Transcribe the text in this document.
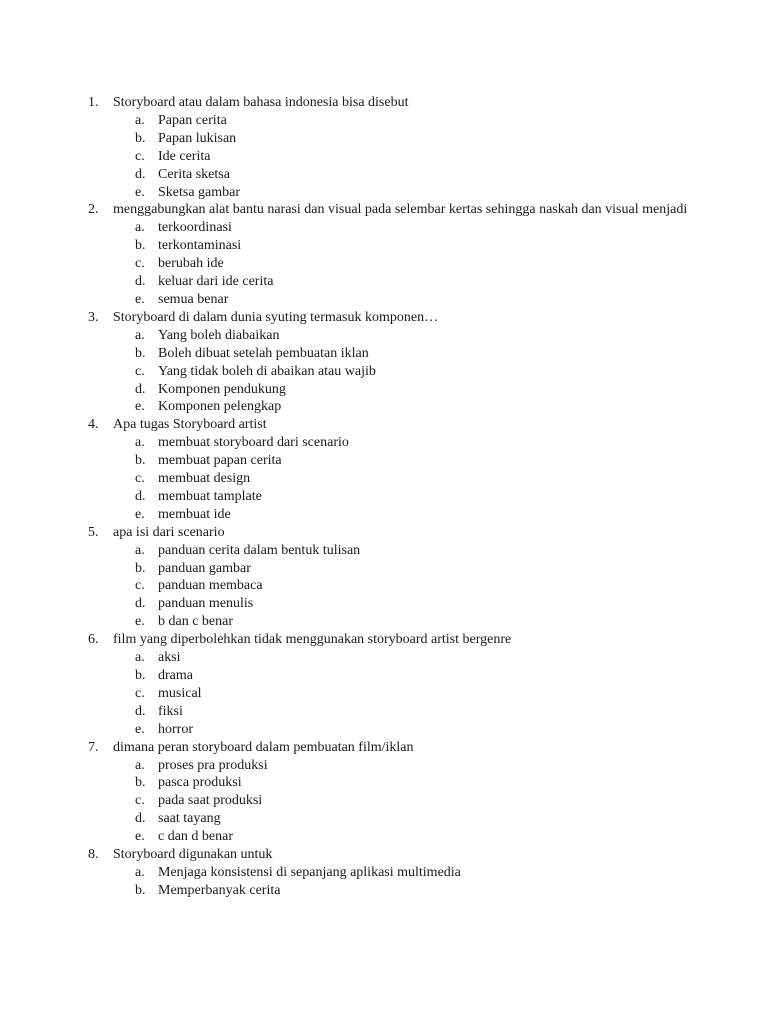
1. Storyboard atau dalam bahasa indonesia bisa disebut
a. Papan cerita
b. Papan lukisan
c. Ide cerita
d. Cerita sketsa
e. Sketsa gambar
2. menggabungkan alat bantu narasi dan visual pada selembar kertas sehingga naskah dan visual menjadi
a. terkoordinasi
b. terkontaminasi
c. berubah ide
d. keluar dari ide cerita
e. semua benar
3. Storyboard di dalam dunia syuting termasuk komponen…
a. Yang boleh diabaikan
b. Boleh dibuat setelah pembuatan iklan
c. Yang tidak boleh di abaikan atau wajib
d. Komponen pendukung
e. Komponen pelengkap
4. Apa tugas Storyboard artist
a. membuat storyboard dari scenario
b. membuat papan cerita
c. membuat design
d. membuat tamplate
e. membuat ide
5. apa isi dari scenario
a. panduan cerita dalam bentuk tulisan
b. panduan gambar
c. panduan membaca
d. panduan menulis
e. b dan c benar
6. film yang diperbolehkan tidak menggunakan storyboard artist bergenre
a. aksi
b. drama
c. musical
d. fiksi
e. horror
7. dimana peran storyboard dalam pembuatan film/iklan
a. proses pra produksi
b. pasca produksi
c. pada saat produksi
d. saat tayang
e. c dan d benar
8. Storyboard digunakan untuk
a. Menjaga konsistensi di sepanjang aplikasi multimedia
b. Memperbanyak cerita
